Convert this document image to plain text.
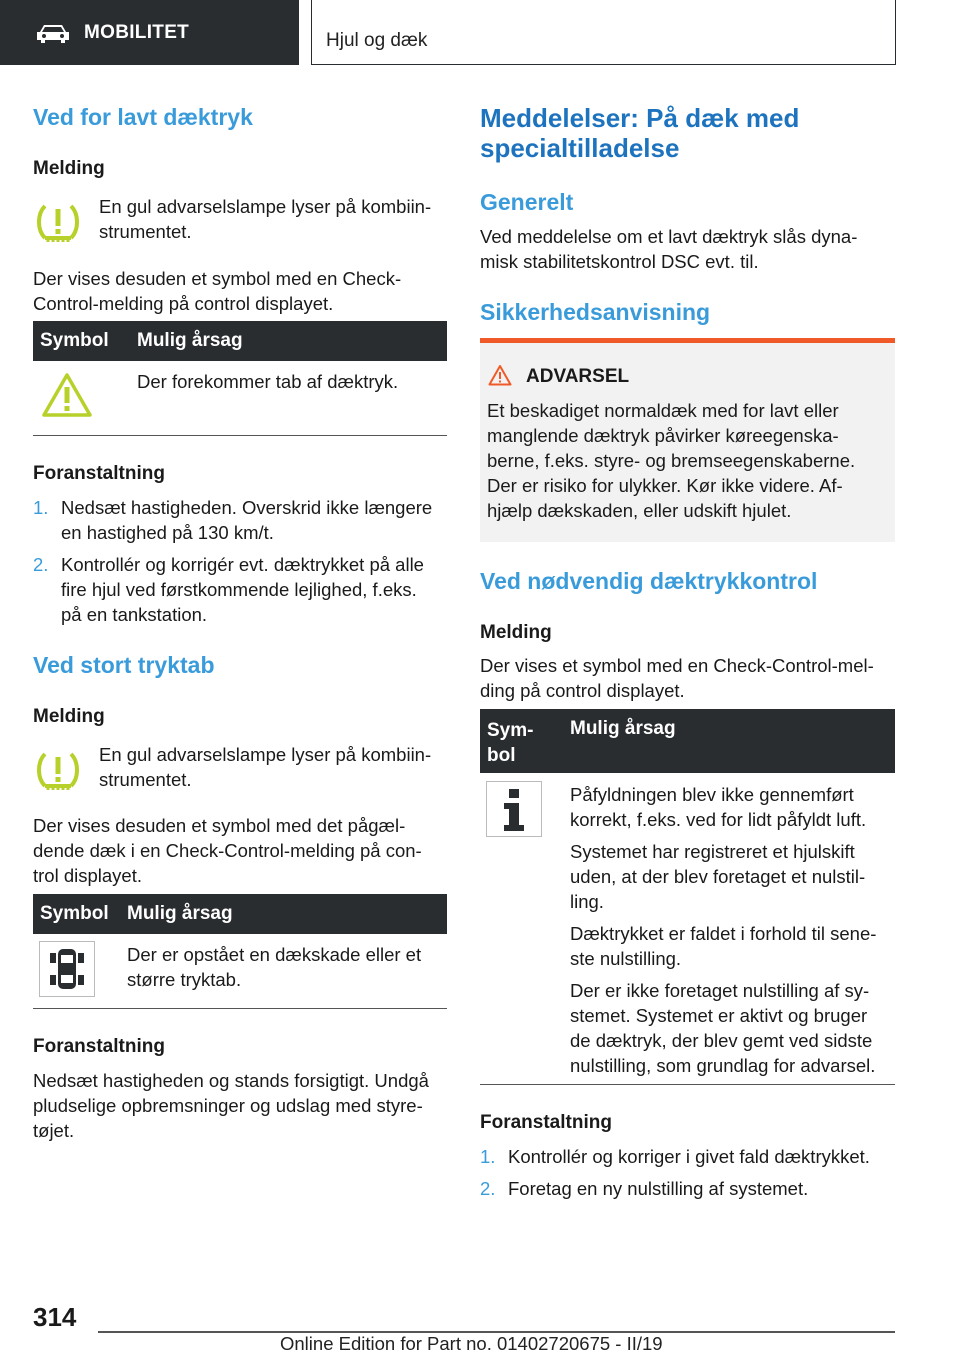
MOBILITET	Hjul og dæk
Ved for lavt dæktryk
Melding
En gul advarselslampe lyser på kombiin-
strumentet.
Der vises desuden et symbol med en Check-
Control-melding på control displayet.
Symbol Mulig årsag
Der forekommer tab af dæktryk.
Foranstaltning
1. Nedsæt hastigheden. Overskrid ikke længere
en hastighed på 130 km/t.
2. Kontrollér og korrigér evt. dæktrykket på alle
fire hjul ved førstkommende lejlighed, f.eks.
på en tankstation.
Ved stort tryktab
Melding
En gul advarselslampe lyser på kombiin-
strumentet.
Der vises desuden et symbol med det pågæl-
dende dæk i en Check-Control-melding på con-
trol displayet.
Symbol Mulig årsag
Der er opstået en dækskade eller et
større tryktab.
Foranstaltning
Nedsæt hastigheden og stands forsigtigt. Undgå
pludselige opbremsninger og udslag med styre-
tøjet.
Meddelelser: På dæk med
specialtilladelse
Generelt
Ved meddelelse om et lavt dæktryk slås dyna-
misk stabilitetskontrol DSC evt. til.
Sikkerhedsanvisning
ADVARSEL
Et beskadiget normaldæk med for lavt eller
manglende dæktryk påvirker køreegenska-
berne, f.eks. styre- og bremseegenskaberne.
Der er risiko for ulykker. Kør ikke videre. Af-
hjælp dækskaden, eller udskift hjulet.
Ved nødvendig dæktrykkontrol
Melding
Der vises et symbol med en Check-Control-mel-
ding på control displayet.
Sym-
bol
Mulig årsag
Påfyldningen blev ikke gennemført
korrekt, f.eks. ved for lidt påfyldt luft.
Systemet har registreret et hjulskift
uden, at der blev foretaget et nulstil-
ling.
Dæktrykket er faldet i forhold til sene-
ste nulstilling.
Der er ikke foretaget nulstilling af sy-
stemet. Systemet er aktivt og bruger
de dæktryk, der blev gemt ved sidste
nulstilling, som grundlag for advarsel.
Foranstaltning
1. Kontrollér og korriger i givet fald dæktrykket.
2. Foretag en ny nulstilling af systemet.
314
Online Edition for Part no. 01402720675 - II/19
